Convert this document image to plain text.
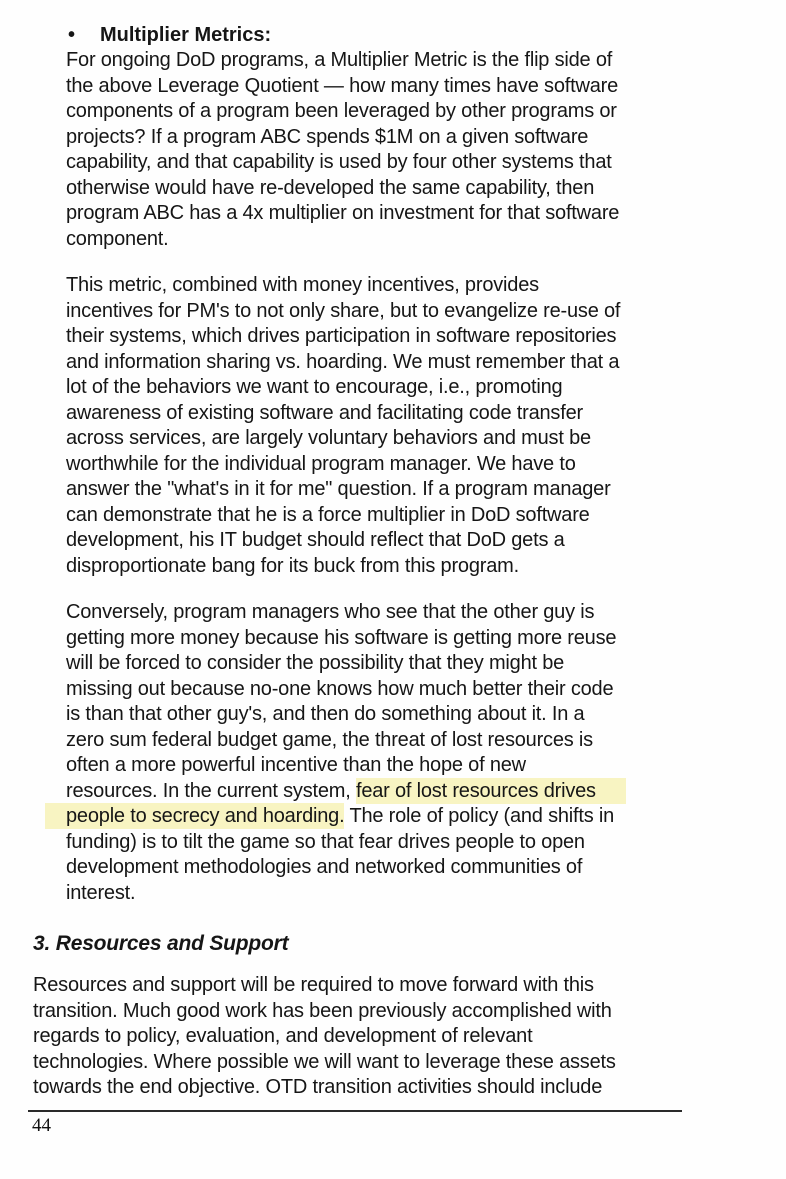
• Multiplier Metrics:
For ongoing DoD programs, a Multiplier Metric is the flip side of
the above Leverage Quotient — how many times have software
components of a program been leveraged by other programs or
projects? If a program ABC spends $1M on a given software
capability, and that capability is used by four other systems that
otherwise would have re-developed the same capability, then
program ABC has a 4x multiplier on investment for that software
component.
This metric, combined with money incentives, provides
incentives for PM's to not only share, but to evangelize re-use of
their systems, which drives participation in software repositories
and information sharing vs. hoarding. We must remember that a
lot of the behaviors we want to encourage, i.e., promoting
awareness of existing software and facilitating code transfer
across services, are largely voluntary behaviors and must be
worthwhile for the individual program manager. We have to
answer the "what's in it for me" question. If a program manager
can demonstrate that he is a force multiplier in DoD software
development, his IT budget should reflect that DoD gets a
disproportionate bang for its buck from this program.
Conversely, program managers who see that the other guy is
getting more money because his software is getting more reuse
will be forced to consider the possibility that they might be
missing out because no-one knows how much better their code
is than that other guy's, and then do something about it. In a
zero sum federal budget game, the threat of lost resources is
often a more powerful incentive than the hope of new
resources. In the current system, fear of lost resources drives
people to secrecy and hoarding. The role of policy (and shifts in
funding) is to tilt the game so that fear drives people to open
development methodologies and networked communities of
interest.
3. Resources and Support
Resources and support will be required to move forward with this
transition. Much good work has been previously accomplished with
regards to policy, evaluation, and development of relevant
technologies. Where possible we will want to leverage these assets
towards the end objective. OTD transition activities should include
44
